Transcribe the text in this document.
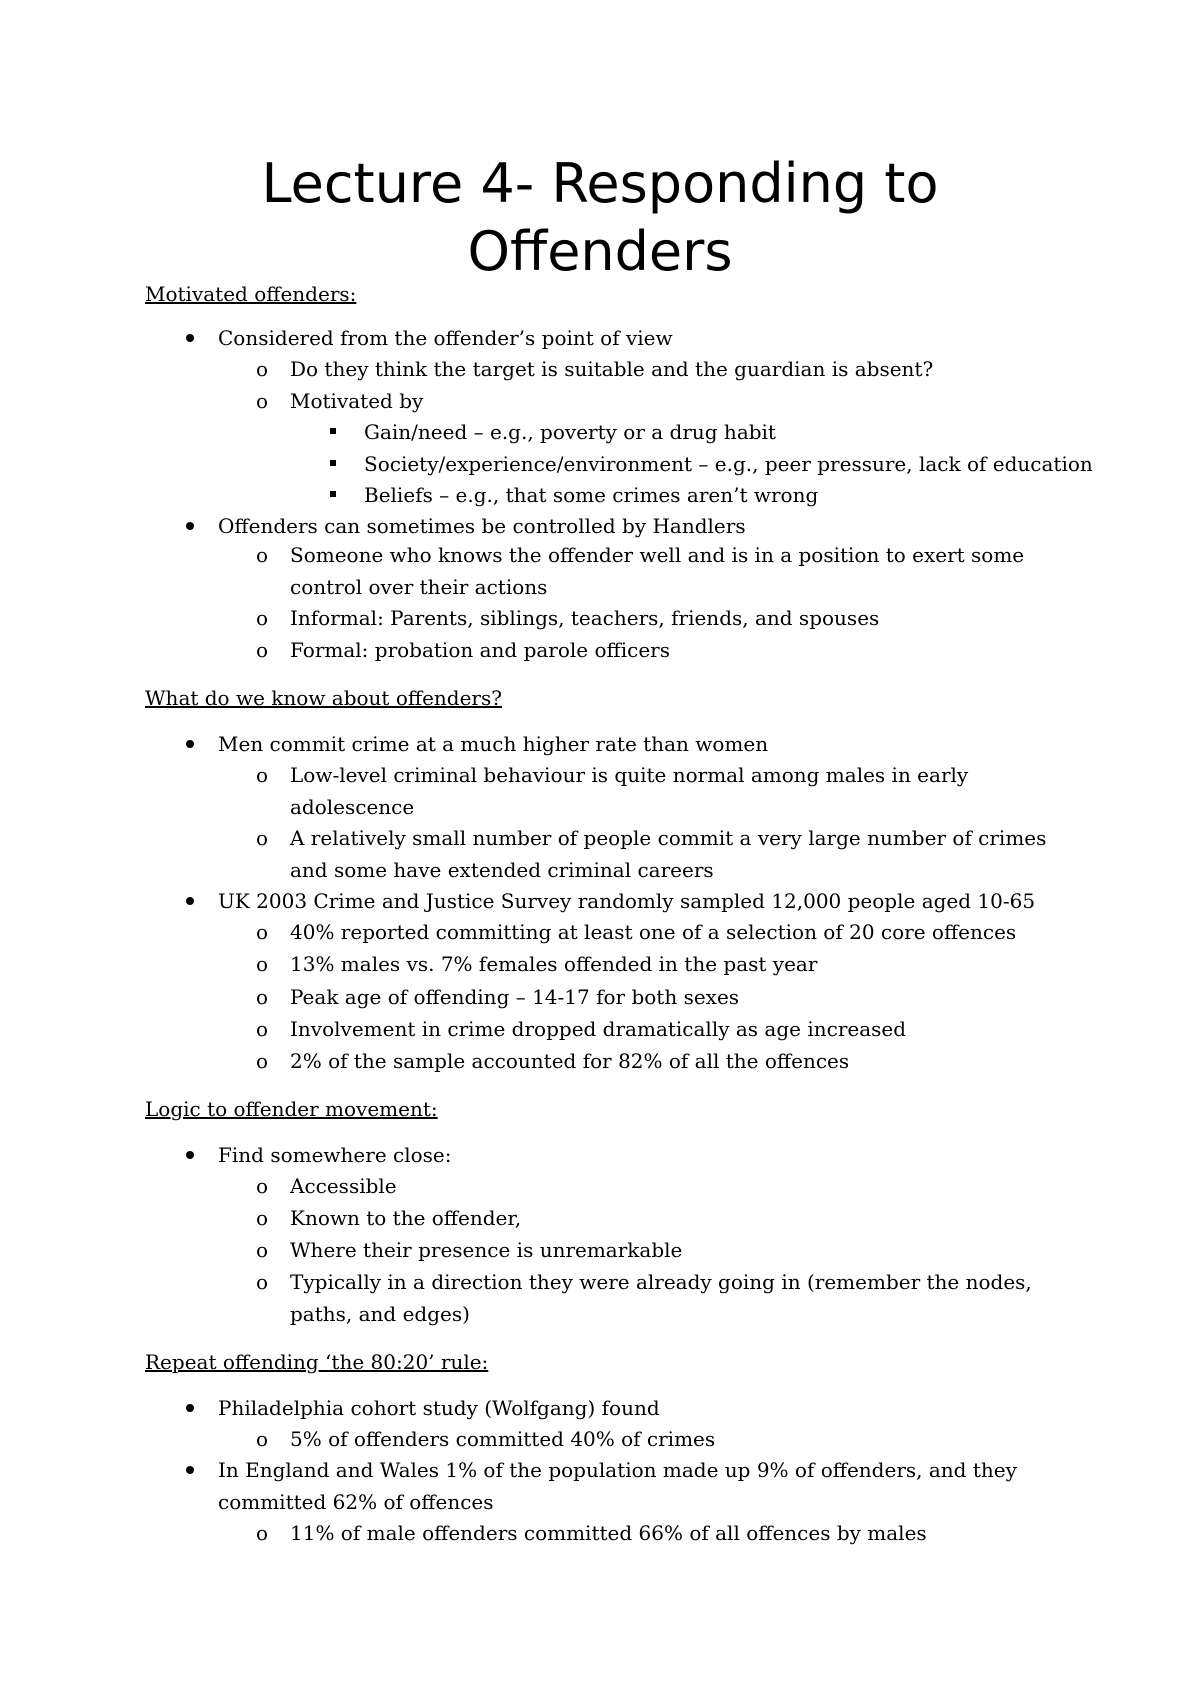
Lecture 4- Responding to
Offenders
Motivated offenders:
Considered from the offender’s point of view
o Do they think the target is suitable and the guardian is absent?
o Motivated by
Gain/need – e.g., poverty or a drug habit
Society/experience/environment – e.g., peer pressure, lack of education
Beliefs – e.g., that some crimes aren’t wrong
Offenders can sometimes be controlled by Handlers
o Someone who knows the offender well and is in a position to exert some
control over their actions
o Informal: Parents, siblings, teachers, friends, and spouses
o Formal: probation and parole officers
What do we know about offenders?
Men commit crime at a much higher rate than women
o Low-level criminal behaviour is quite normal among males in early
adolescence
o A relatively small number of people commit a very large number of crimes
and some have extended criminal careers
UK 2003 Crime and Justice Survey randomly sampled 12,000 people aged 10-65
o 40% reported committing at least one of a selection of 20 core offences
o 13% males vs. 7% females offended in the past year
o Peak age of offending – 14-17 for both sexes
o Involvement in crime dropped dramatically as age increased
o 2% of the sample accounted for 82% of all the offences
Logic to offender movement:
Find somewhere close:
o Accessible
o Known to the offender,
o Where their presence is unremarkable
o Typically in a direction they were already going in (remember the nodes,
paths, and edges)
Repeat offending ‘the 80:20’ rule:
Philadelphia cohort study (Wolfgang) found
o 5% of offenders committed 40% of crimes
In England and Wales 1% of the population made up 9% of offenders, and they
committed 62% of offences
o 11% of male offenders committed 66% of all offences by males
